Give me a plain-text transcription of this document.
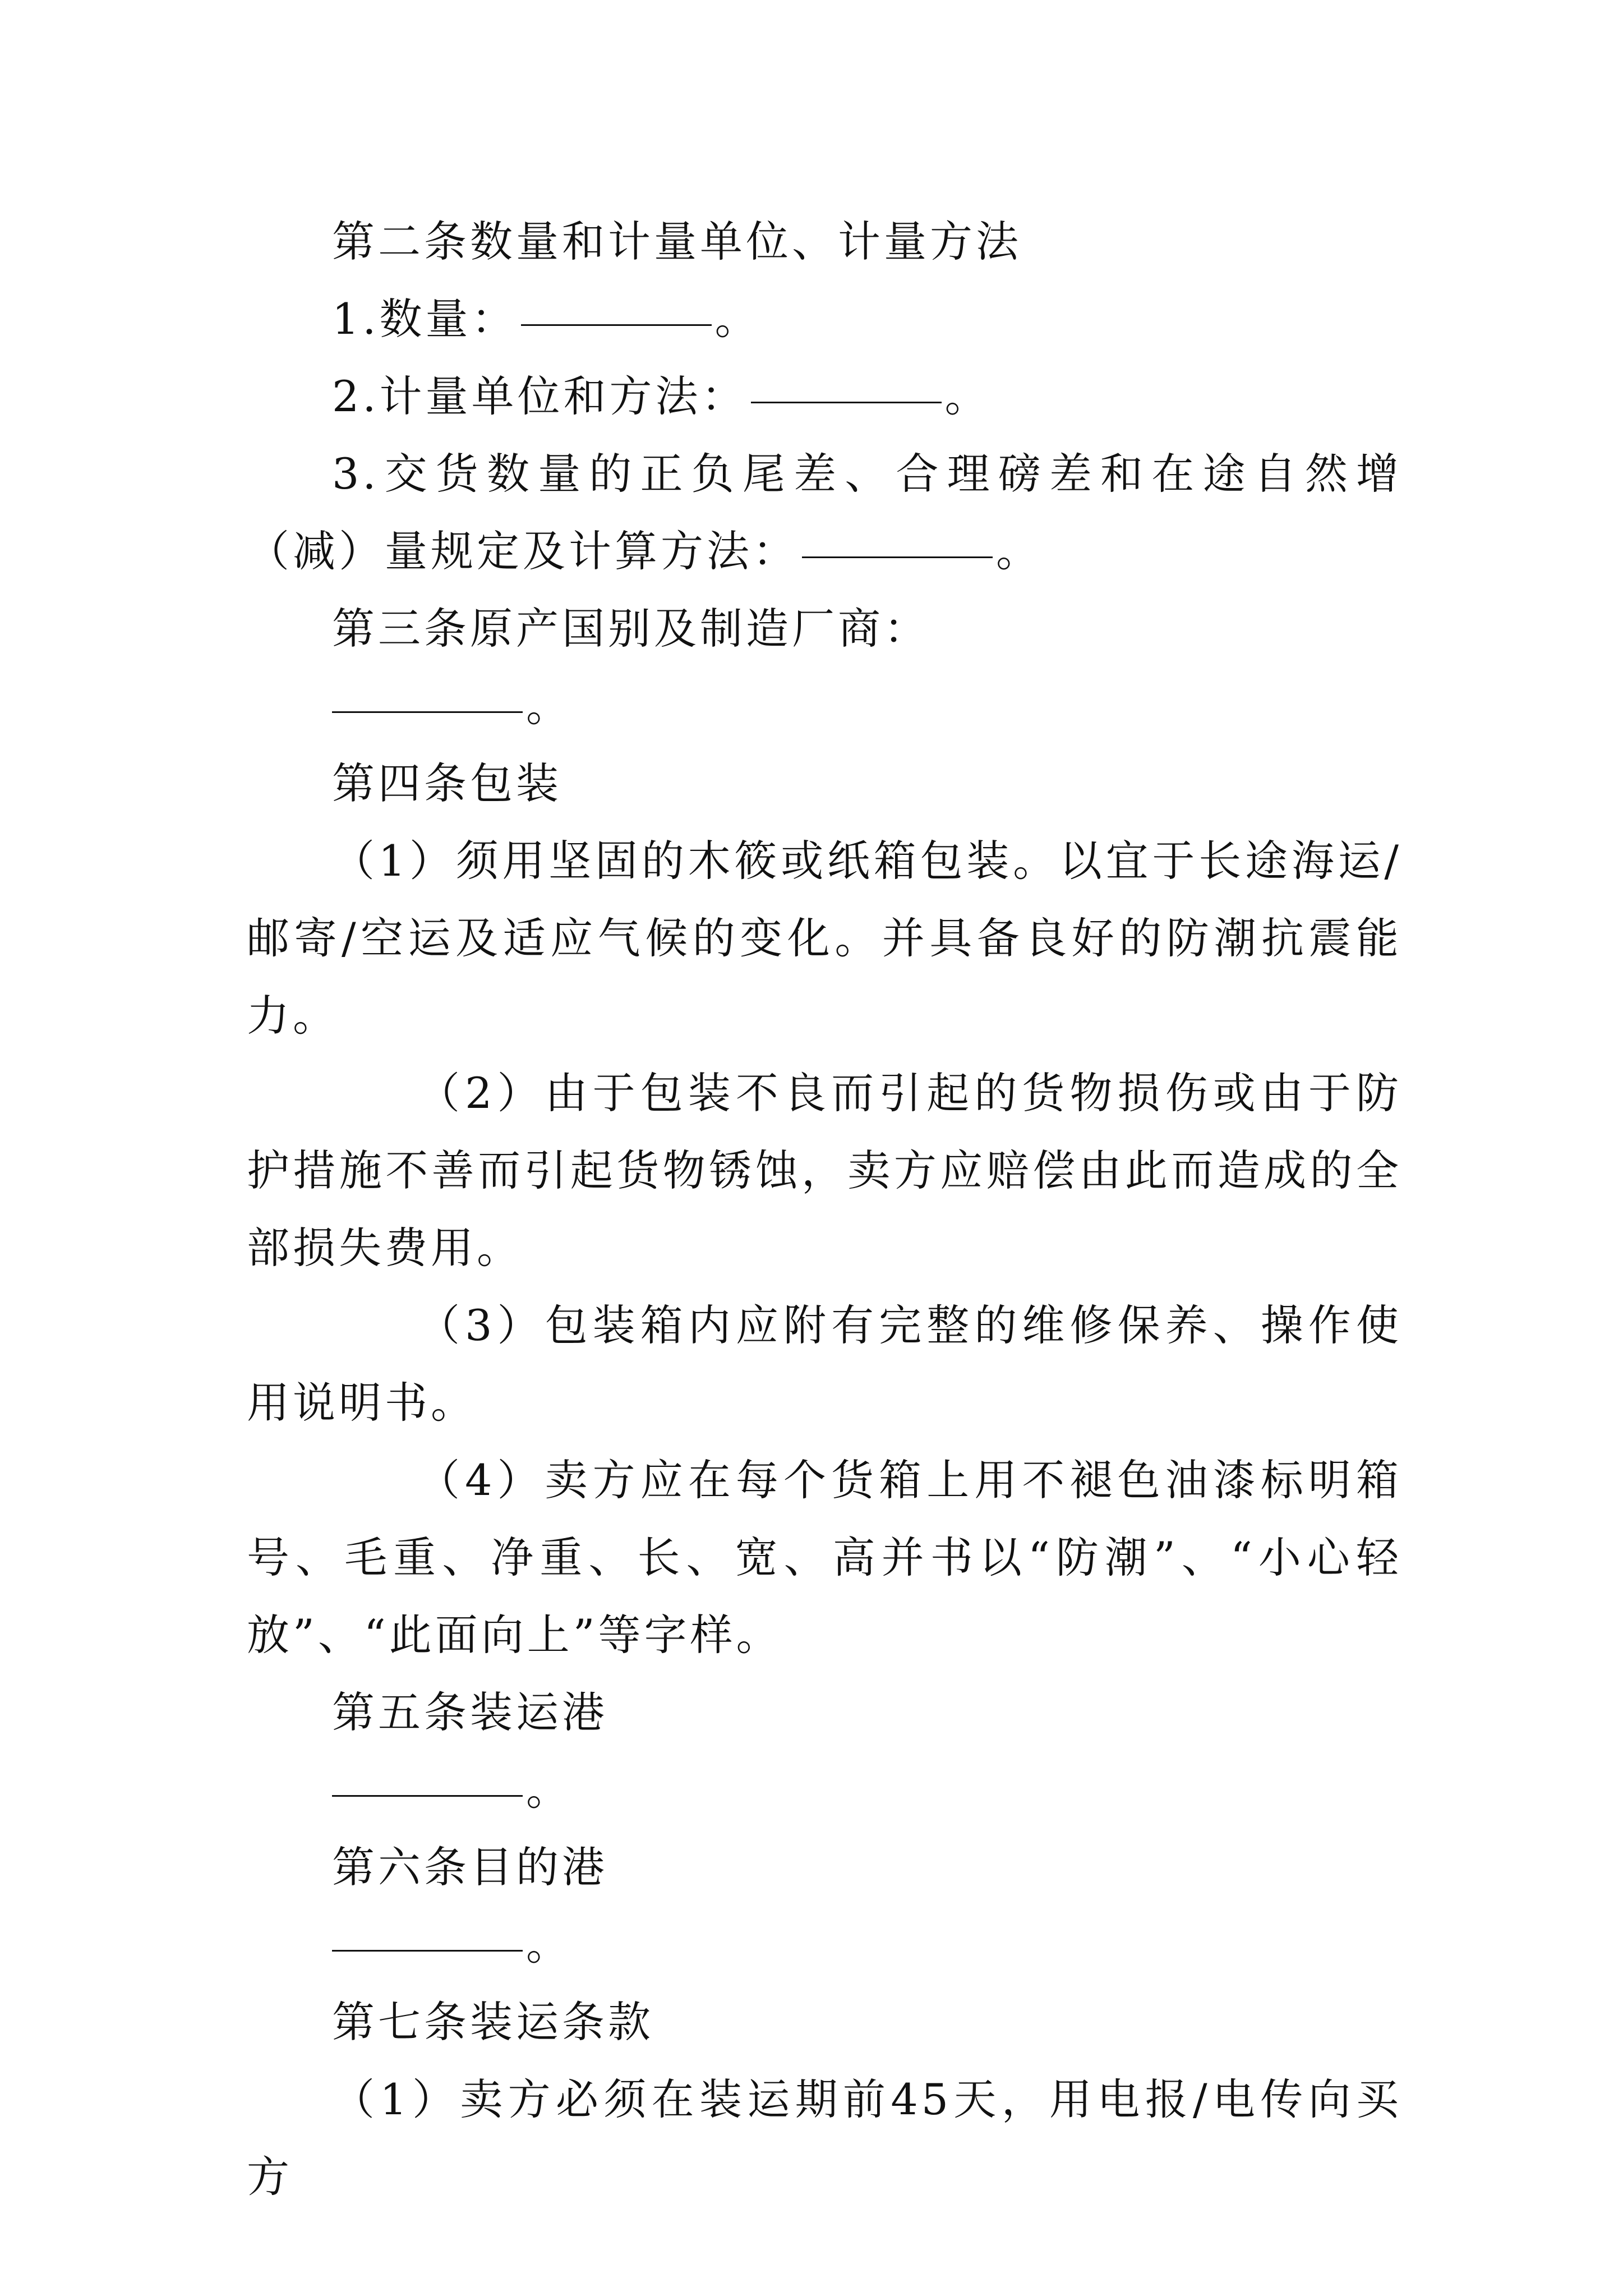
第二条数量和计量单位、计量方法

1.数量：	。

2.计量单位和方法：	。

3.交货数量的正负尾差、合理磅差和在途自然增（减）量规定及计算方法：	。

第三条原产国别及制造厂商：

。

第四条包装

（1）须用坚固的木筱或纸箱包装。以宜于长途海运/邮寄/空运及适应气候的变化。并具备良好的防潮抗震能力。

（2）由于包装不良而引起的货物损伤或由于防护措施不善而引起货物锈蚀，卖方应赔偿由此而造成的全部损失费用。

（3）包装箱内应附有完整的维修保养、操作使用说明书。

（4）卖方应在每个货箱上用不褪色油漆标明箱号、毛重、净重、长、宽、高并书以“防潮”、“小心轻放”、“此面向上”等字样。

第五条装运港

。

第六条目的港

。

第七条装运条款

（1）卖方必须在装运期前45天，用电报/电传向买方
